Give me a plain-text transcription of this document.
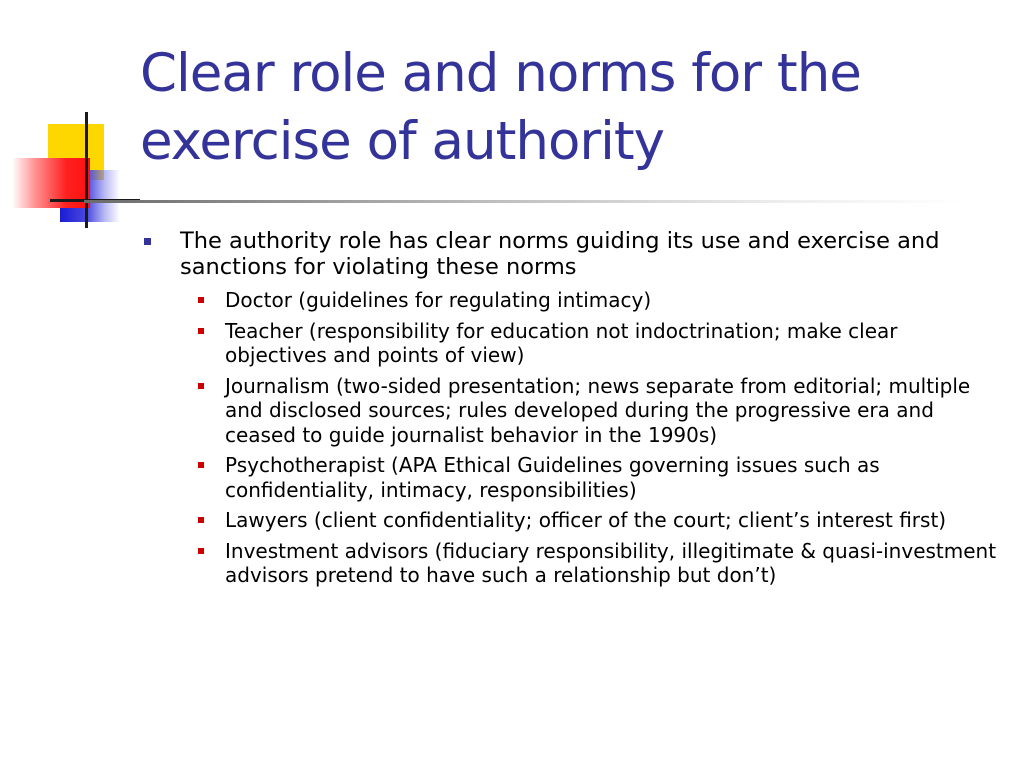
Clear role and norms for the exercise of authority
The authority role has clear norms guiding its use and exercise and sanctions for violating these norms
Doctor (guidelines for regulating intimacy)
Teacher (responsibility for education not indoctrination; make clear objectives and points of view)
Journalism (two-sided presentation; news separate from editorial; multiple and disclosed sources; rules developed during the progressive era and ceased to guide journalist behavior in the 1990s)
Psychotherapist (APA Ethical Guidelines governing issues such as confidentiality, intimacy, responsibilities)
Lawyers (client confidentiality; officer of the court; client’s interest first)
Investment advisors (fiduciary responsibility, illegitimate & quasi-investment advisors pretend to have such a relationship but don’t)
